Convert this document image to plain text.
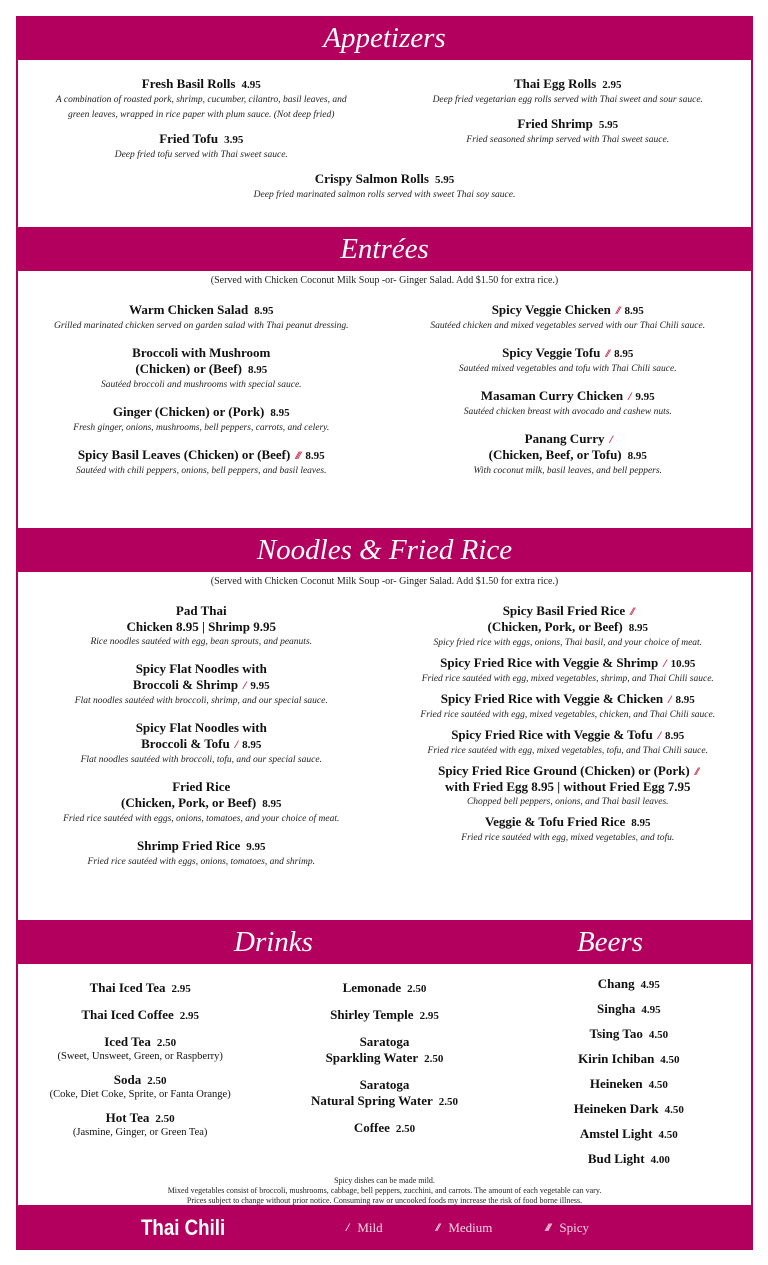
Appetizers
Fresh Basil Rolls 4.95
A combination of roasted pork, shrimp, cucumber, cilantro, basil leaves, and green leaves, wrapped in rice paper with plum sauce. (Not deep fried)
Fried Tofu 3.95
Deep fried tofu served with Thai sweet sauce.
Thai Egg Rolls 2.95
Deep fried vegetarian egg rolls served with Thai sweet and sour sauce.
Fried Shrimp 5.95
Fried seasoned shrimp served with Thai sweet sauce.
Crispy Salmon Rolls 5.95
Deep fried marinated salmon rolls served with sweet Thai soy sauce.
Entrées
(Served with Chicken Coconut Milk Soup -or- Ginger Salad. Add $1.50 for extra rice.)
Warm Chicken Salad 8.95
Grilled marinated chicken served on garden salad with Thai peanut dressing.
Broccoli with Mushroom
(Chicken) or (Beef) 8.95
Sautéed broccoli and mushrooms with special sauce.
Ginger (Chicken) or (Pork) 8.95
Fresh ginger, onions, mushrooms, bell peppers, carrots, and celery.
Spicy Basil Leaves (Chicken) or (Beef) /// 8.95
Sautéed with chili peppers, onions, bell peppers, and basil leaves.
Spicy Veggie Chicken // 8.95
Sautéed chicken and mixed vegetables served with our Thai Chili sauce.
Spicy Veggie Tofu // 8.95
Sautéed mixed vegetables and tofu with Thai Chili sauce.
Masaman Curry Chicken / 9.95
Sautéed chicken breast with avocado and cashew nuts.
Panang Curry /
(Chicken, Beef, or Tofu) 8.95
With coconut milk, basil leaves, and bell peppers.
Noodles & Fried Rice
(Served with Chicken Coconut Milk Soup -or- Ginger Salad. Add $1.50 for extra rice.)
Pad Thai
Chicken 8.95 | Shrimp 9.95
Rice noodles sautéed with egg, bean sprouts, and peanuts.
Spicy Flat Noodles with
Broccoli & Shrimp / 9.95
Flat noodles sautéed with broccoli, shrimp, and our special sauce.
Spicy Flat Noodles with
Broccoli & Tofu / 8.95
Flat noodles sautéed with broccoli, tofu, and our special sauce.
Fried Rice
(Chicken, Pork, or Beef) 8.95
Fried rice sautéed with eggs, onions, tomatoes, and your choice of meat.
Shrimp Fried Rice 9.95
Fried rice sautéed with eggs, onions, tomatoes, and shrimp.
Spicy Basil Fried Rice //
(Chicken, Pork, or Beef) 8.95
Spicy fried rice with eggs, onions, Thai basil, and your choice of meat.
Spicy Fried Rice with Veggie & Shrimp / 10.95
Fried rice sautéed with egg, mixed vegetables, shrimp, and Thai Chili sauce.
Spicy Fried Rice with Veggie & Chicken / 8.95
Fried rice sautéed with egg, mixed vegetables, chicken, and Thai Chili sauce.
Spicy Fried Rice with Veggie & Tofu / 8.95
Fried rice sautéed with egg, mixed vegetables, tofu, and Thai Chili sauce.
Spicy Fried Rice Ground (Chicken) or (Pork) //
with Fried Egg 8.95 | without Fried Egg 7.95
Chopped bell peppers, onions, and Thai basil leaves.
Veggie & Tofu Fried Rice 8.95
Fried rice sautéed with egg, mixed vegetables, and tofu.
Drinks	Beers
Thai Iced Tea 2.95
Thai Iced Coffee 2.95
Iced Tea 2.50
(Sweet, Unsweet, Green, or Raspberry)
Soda 2.50
(Coke, Diet Coke, Sprite, or Fanta Orange)
Hot Tea 2.50
(Jasmine, Ginger, or Green Tea)
Lemonade 2.50
Shirley Temple 2.95
Saratoga
Sparkling Water 2.50
Saratoga
Natural Spring Water 2.50
Coffee 2.50
Chang 4.95
Singha 4.95
Tsing Tao 4.50
Kirin Ichiban 4.50
Heineken 4.50
Heineken Dark 4.50
Amstel Light 4.50
Bud Light 4.00
Spicy dishes can be made mild.
Mixed vegetables consist of broccoli, mushrooms, cabbage, bell peppers, zucchini, and carrots. The amount of each vegetable can vary.
Prices subject to change without prior notice. Consuming raw or uncooked foods my increase the risk of food borne illness.
Thai Chili	/ Mild	// Medium	/// Spicy
